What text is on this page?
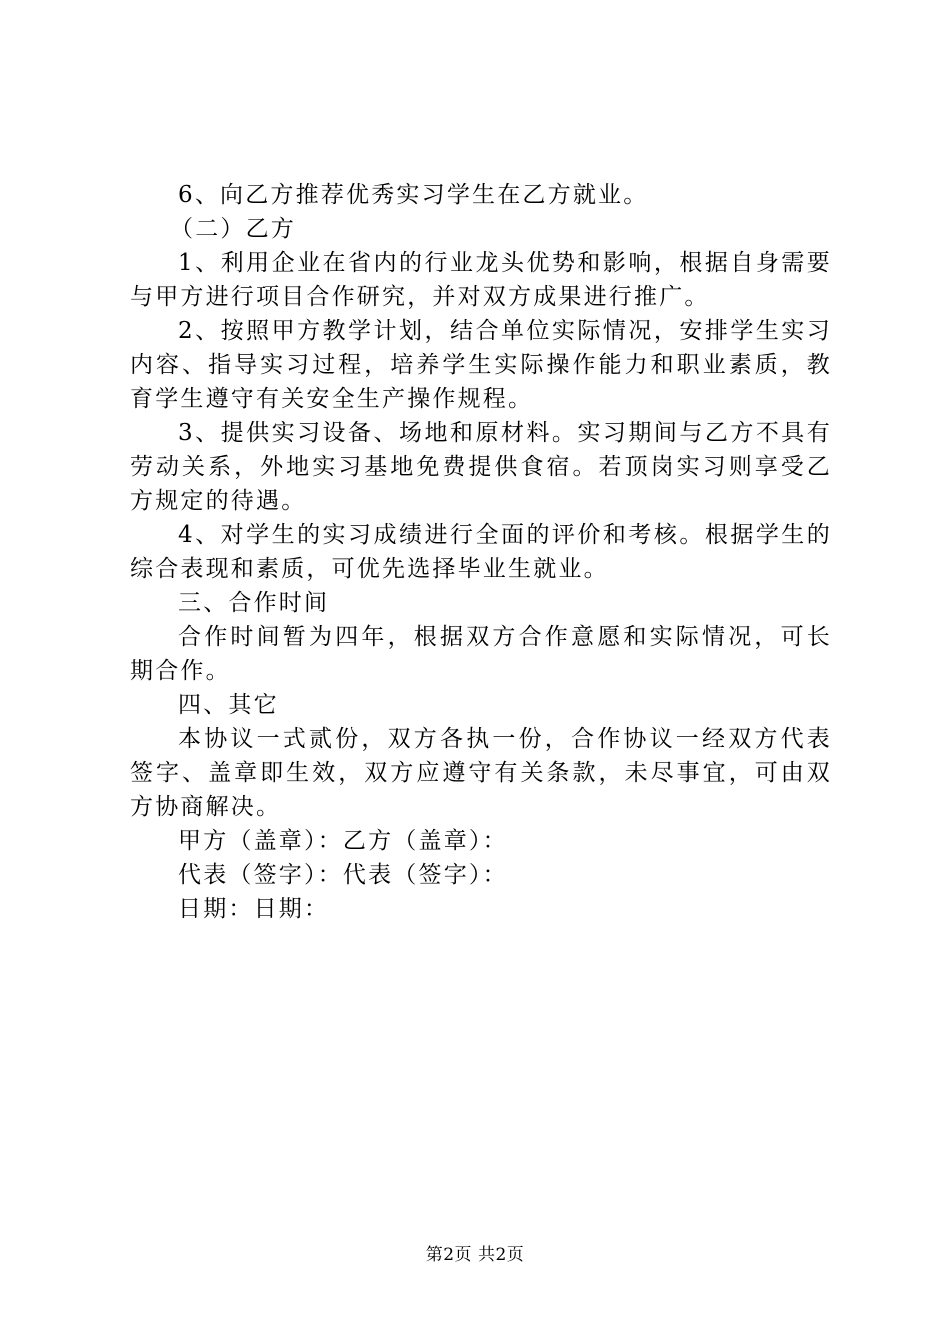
6、向乙方推荐优秀实习学生在乙方就业。

（二）乙方

1、利用企业在省内的行业龙头优势和影响，根据自身需要与甲方进行项目合作研究，并对双方成果进行推广。

2、按照甲方教学计划，结合单位实际情况，安排学生实习内容、指导实习过程，培养学生实际操作能力和职业素质，教育学生遵守有关安全生产操作规程。

3、提供实习设备、场地和原材料。实习期间与乙方不具有劳动关系，外地实习基地免费提供食宿。若顶岗实习则享受乙方规定的待遇。

4、对学生的实习成绩进行全面的评价和考核。根据学生的综合表现和素质，可优先选择毕业生就业。

三、合作时间

合作时间暂为四年，根据双方合作意愿和实际情况，可长期合作。

四、其它

本协议一式贰份，双方各执一份，合作协议一经双方代表签字、盖章即生效，双方应遵守有关条款，未尽事宜，可由双方协商解决。

甲方（盖章）：乙方（盖章）：

代表（签字）：代表（签字）：

日期：日期：

第2页 共2页
